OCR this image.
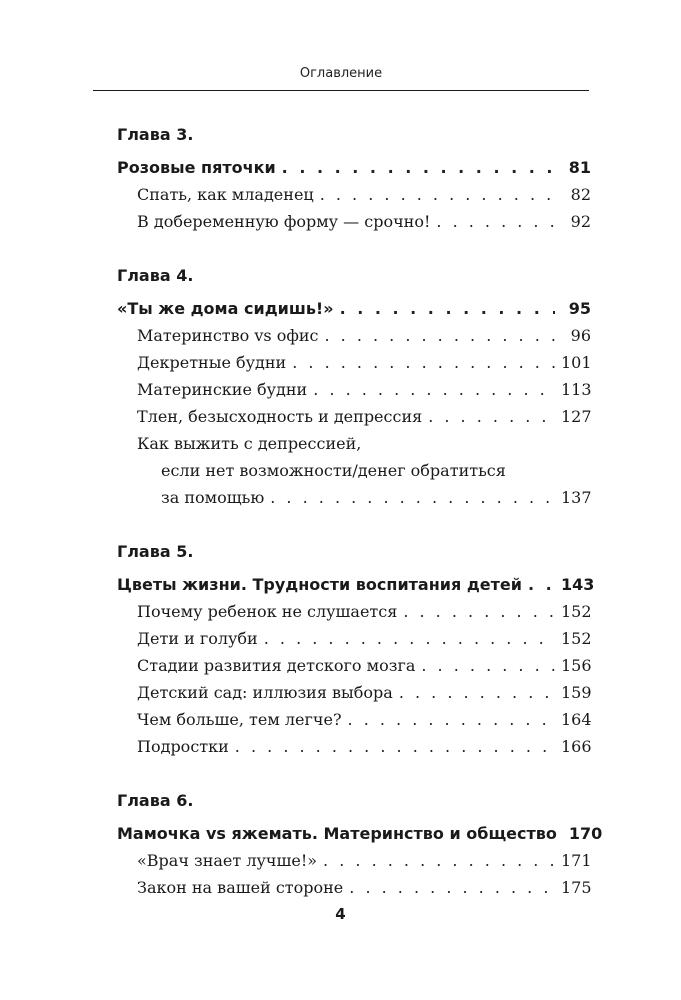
Оглавление
Глава 3.
Розовые пяточки . . .	81
Спать, как младенец . . .	82
В добеременную форму — срочно! . . .	92
Глава 4.
«Ты же дома сидишь!» . . .	95
Материнство vs офис . . .	96
Декретные будни . . .	101
Материнские будни . . .	113
Тлен, безысходность и депрессия . . .	127
Как выжить с депрессией,
если нет возможности/денег обратиться
за помощью . . .	137
Глава 5.
Цветы жизни. Трудности воспитания детей . . . 143
Почему ребенок не слушается . . .	152
Дети и голуби . . .	152
Стадии развития детского мозга . . .	156
Детский сад: иллюзия выбора . . .	159
Чем больше, тем легче? . . .	164
Подростки . . .	166
Глава 6.
Мамочка vs яжемать. Материнство и общество 170
«Врач знает лучше!» . . .	171
Закон на вашей стороне . . .	175
4
